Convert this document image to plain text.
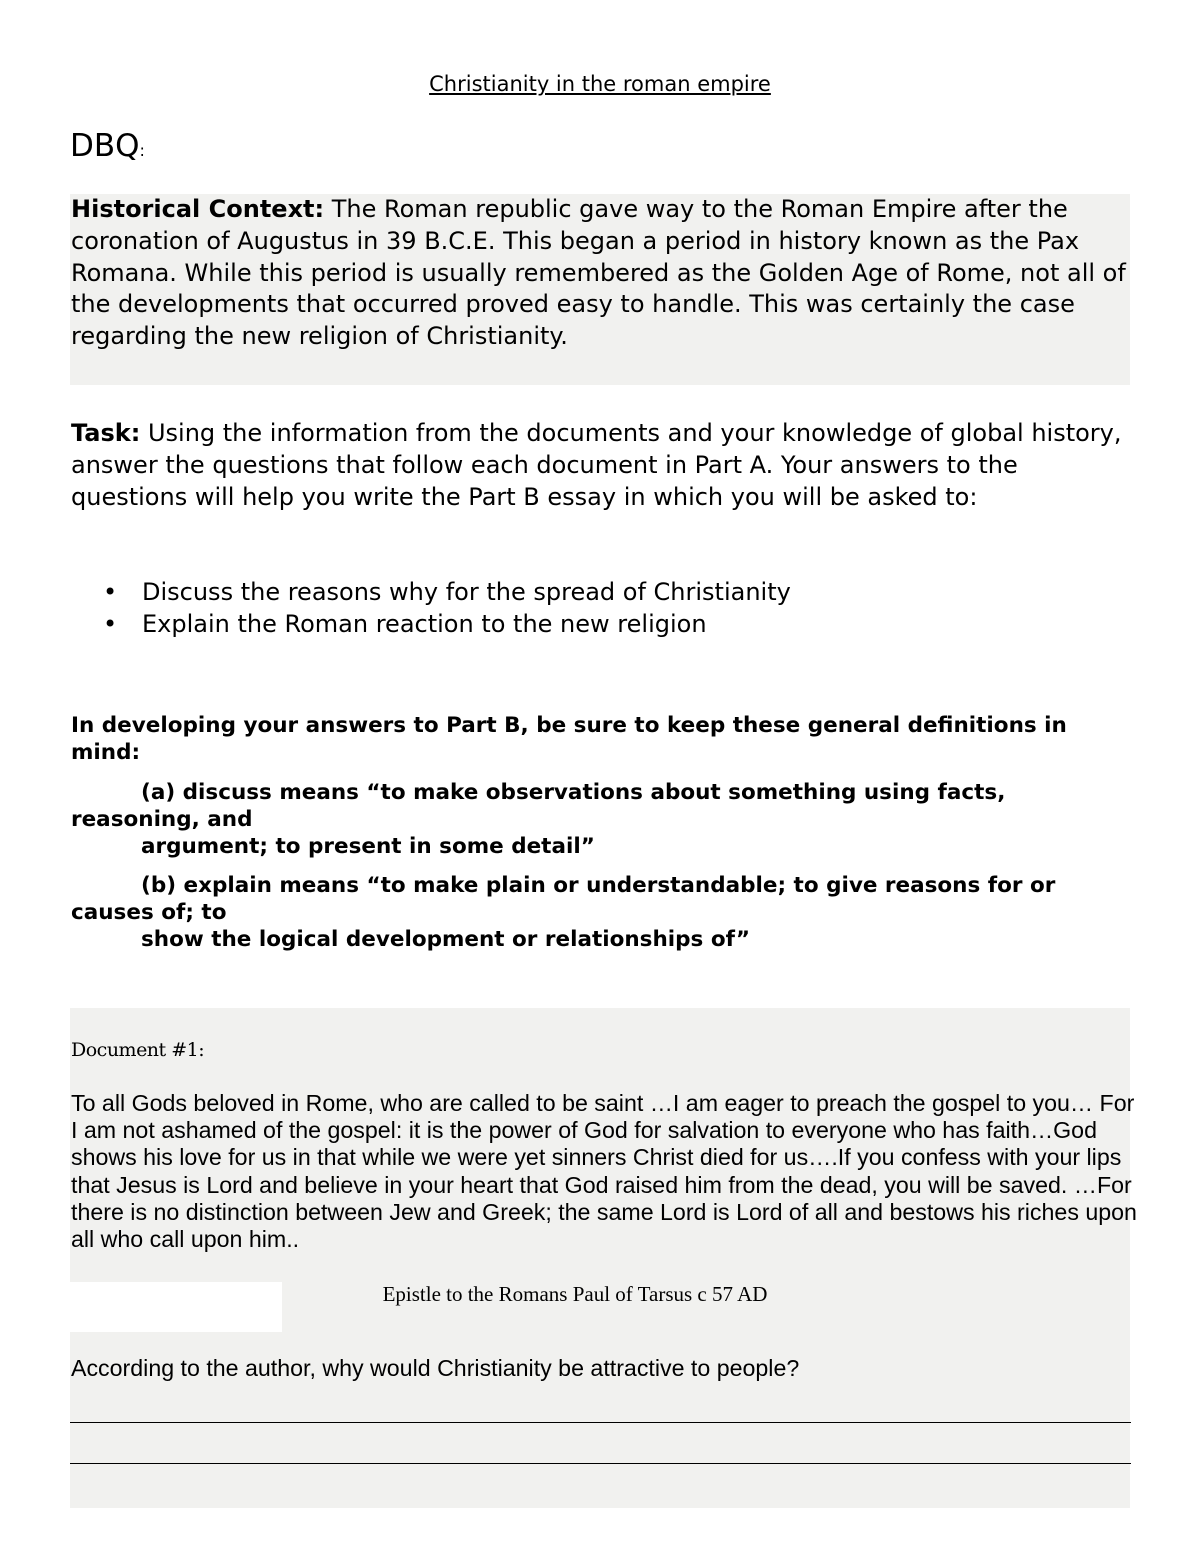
Christianity in the roman empire
DBQ:
Historical Context: The Roman republic gave way to the Roman Empire after the coronation of Augustus in 39 B.C.E. This began a period in history known as the Pax Romana. While this period is usually remembered as the Golden Age of Rome, not all of the developments that occurred proved easy to handle. This was certainly the case regarding the new religion of Christianity.
Task: Using the information from the documents and your knowledge of global history, answer the questions that follow each document in Part A. Your answers to the questions will help you write the Part B essay in which you will be asked to:
• Discuss the reasons why for the spread of Christianity
• Explain the Roman reaction to the new religion
In developing your answers to Part B, be sure to keep these general definitions in mind:
(a) discuss means “to make observations about something using facts, reasoning, and
argument; to present in some detail”
(b) explain means “to make plain or understandable; to give reasons for or causes of; to
show the logical development or relationships of”
Document #1:
To all Gods beloved in Rome, who are called to be saint …I am eager to preach the gospel to you… For I am not ashamed of the gospel: it is the power of God for salvation to everyone who has faith…God shows his love for us in that while we were yet sinners Christ died for us….If you confess with your lips that Jesus is Lord and believe in your heart that God raised him from the dead, you will be saved. …For there is no distinction between Jew and Greek; the same Lord is Lord of all and bestows his riches upon all who call upon him..
Epistle to the Romans Paul of Tarsus c 57 AD
According to the author, why would Christianity be attractive to people?
